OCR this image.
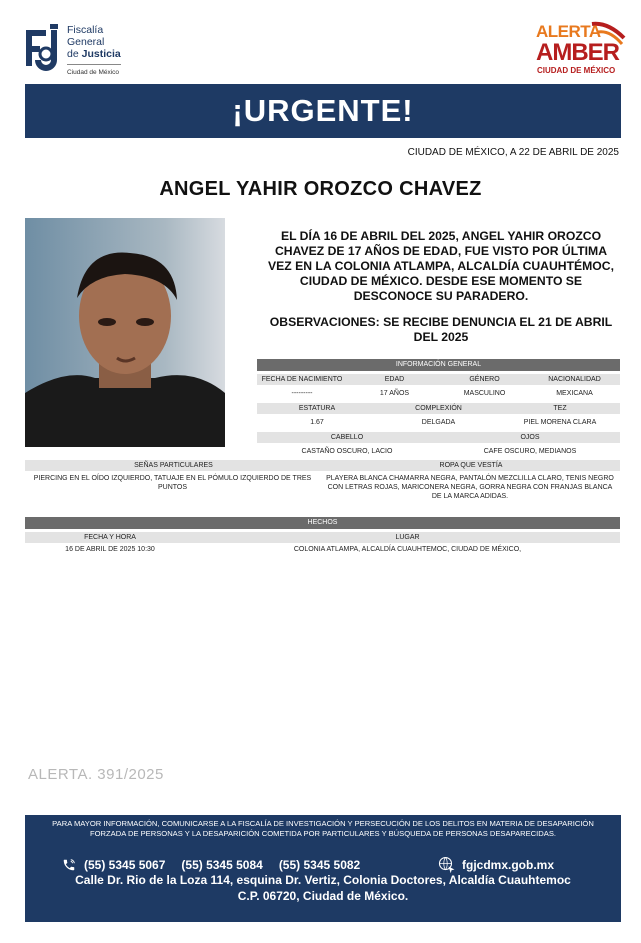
Fiscalía
General
de Justicia
Ciudad de México
ALERTA
AMBER
CIUDAD DE MÉXICO
¡URGENTE!
CIUDAD DE MÉXICO, A 22 DE ABRIL DE 2025
ANGEL YAHIR OROZCO CHAVEZ
EL DÍA 16 DE ABRIL DEL 2025, ANGEL YAHIR OROZCO CHAVEZ DE 17 AÑOS DE EDAD, FUE VISTO POR ÚLTIMA VEZ EN LA COLONIA ATLAMPA, ALCALDÍA CUAUHTÉMOC, CIUDAD DE MÉXICO. DESDE ESE MOMENTO SE DESCONOCE SU PARADERO.
OBSERVACIONES: SE RECIBE DENUNCIA EL 21 DE ABRIL DEL 2025
INFORMACIÓN GENERAL
FECHA DE NACIMIENTO	EDAD	GÉNERO	NACIONALIDAD
---------	17 AÑOS	MASCULINO	MEXICANA
ESTATURA	COMPLEXIÓN	TEZ
1.67	DELGADA	PIEL MORENA CLARA
CABELLO	OJOS
CASTAÑO OSCURO, LACIO	CAFE OSCURO, MEDIANOS
SEÑAS PARTICULARES	ROPA QUE VESTÍA
PIERCING EN EL OÍDO IZQUIERDO, TATUAJE EN EL PÓMULO IZQUIERDO DE TRES PUNTOS
PLAYERA BLANCA CHAMARRA NEGRA, PANTALÓN MEZCLILLA CLARO, TENIS NEGRO CON LETRAS ROJAS, MARICONERA NEGRA, GORRA NEGRA CON FRANJAS BLANCA DE LA MARCA ADIDAS.
HECHOS
FECHA Y HORA	LUGAR
16 DE ABRIL DE 2025 10:30	COLONIA ATLAMPA, ALCALDÍA CUAUHTEMOC, CIUDAD DE MÉXICO,
ALERTA. 391/2025
PARA MAYOR INFORMACIÓN, COMUNICARSE A LA FISCALÍA DE INVESTIGACIÓN Y PERSECUCIÓN DE LOS DELITOS EN MATERIA DE DESAPARICIÓN FORZADA DE PERSONAS Y LA DESAPARICIÓN COMETIDA POR PARTICULARES Y BÚSQUEDA DE PERSONAS DESAPARECIDAS.
(55) 5345 5067 (55) 5345 5084 (55) 5345 5082	fgjcdmx.gob.mx
Calle Dr. Rio de la Loza 114, esquina Dr. Vertiz, Colonia Doctores, Alcaldía Cuauhtemoc
C.P. 06720, Ciudad de México.
